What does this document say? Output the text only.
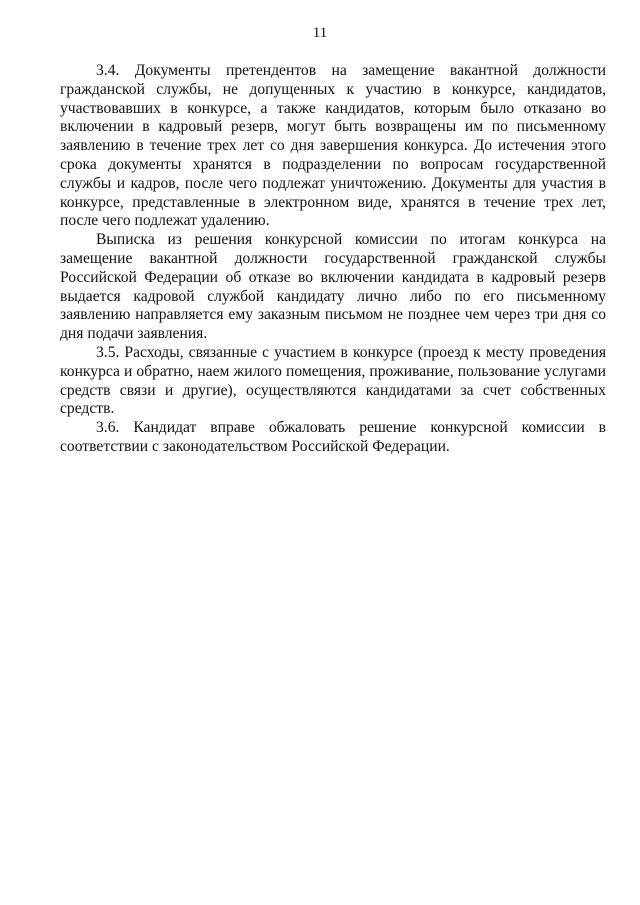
11

3.4. Документы претендентов на замещение вакантной должности гражданской службы, не допущенных к участию в конкурсе, кандидатов, участвовавших в конкурсе, а также кандидатов, которым было отказано во включении в кадровый резерв, могут быть возвращены им по письменному заявлению в течение трех лет со дня завершения конкурса. До истечения этого срока документы хранятся в подразделении по вопросам государственной службы и кадров, после чего подлежат уничтожению. Документы для участия в конкурсе, представленные в электронном виде, хранятся в течение трех лет, после чего подлежат удалению.

Выписка из решения конкурсной комиссии по итогам конкурса на замещение вакантной должности государственной гражданской службы Российской Федерации об отказе во включении кандидата в кадровый резерв выдается кадровой службой кандидату лично либо по его письменному заявлению направляется ему заказным письмом не позднее чем через три дня со дня подачи заявления.

3.5. Расходы, связанные с участием в конкурсе (проезд к месту проведения конкурса и обратно, наем жилого помещения, проживание, пользование услугами средств связи и другие), осуществляются кандидатами за счет собственных средств.

3.6. Кандидат вправе обжаловать решение конкурсной комиссии в соответствии с законодательством Российской Федерации.
